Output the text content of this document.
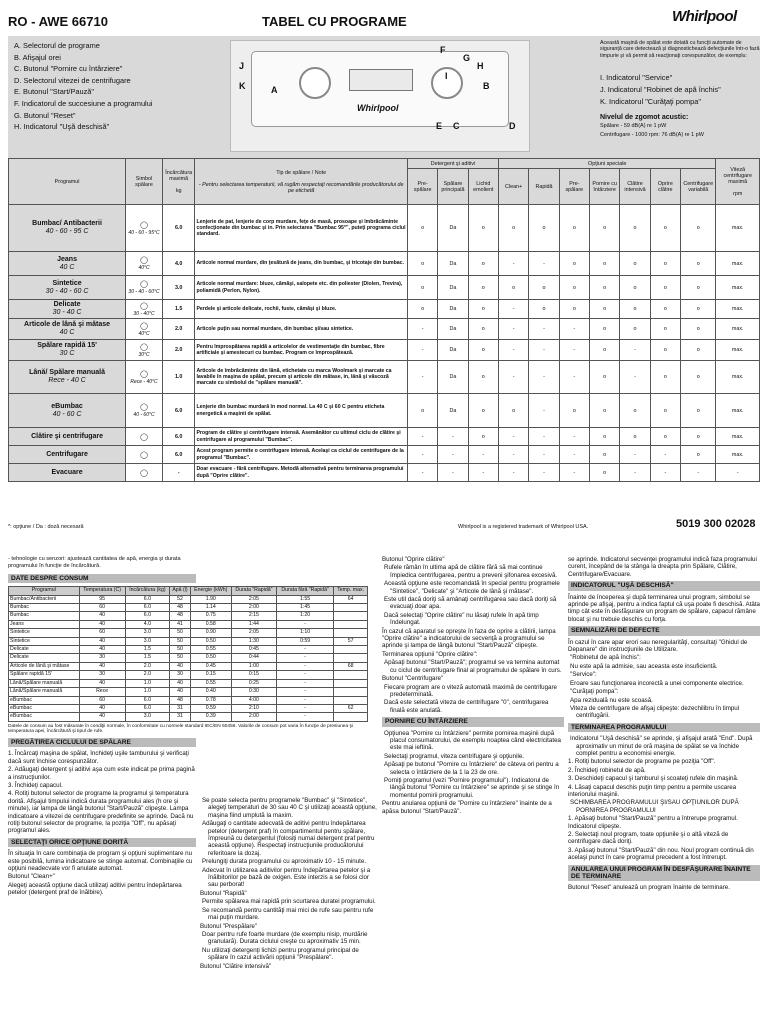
RO - AWE 66710	TABEL CU PROGRAME	Whirlpool
A. Selectorul de programe
B. Afişajul orei
C. Butonul "Pornire cu întârziere"
D. Selectorul vitezei de centrifugare
E. Butonul "Start/Pauză"
F. Indicatorul de succesiune a programului
G. Butonul "Reset"
H. Indicatorul "Uşă deschisă"
Whirlpool
F
G
H
J
K	A
I
B
E C	D
Această maşină de spălat este dotată cu funcţii automate de siguranţă care detectează şi diagnostichează defecţiunile într-o fază timpurie şi vă permit să reacţionaţi corespunzător, de exemplu:
I. Indicatorul "Service"
J. Indicatorul "Robinet de apă închis"
K. Indicatorul "Curăţaţi pompa"
Nivelul de zgomot acustic:
Spălare - 59 dB(A) re 1 pW
Centrifugare - 1000 rpm: 76 dB(A) re 1 pW
Programul	Simbol spălare	Încărcătura maximă

kg	Tip de spălare / Note

- Pentru selectarea temperaturii, vă rugăm respectaţi recomandările producătorului de pe etichetă	Detergent şi aditivi			Opţiuni speciale							Viteză centrifugare maximă

rpm
				Pre-spălare	Spălare principală	Lichid emolient	Clean+	Rapidă	Pre-spălare	Pornire cu întârziere	Clătire intensivă	Oprire clătire	Centrifugare variabilă	
Bumbac/ Antibacterii
40 - 60 - 95 C	◯
40 - 60 - 95°C	6.0	Lenjerie de pat, lenjerie de corp murdare, feţe de masă, prosoape şi îmbrăcăminte confecţionate din bumbac şi in. Prin selectarea "Bumbac 95°", puteţi programa ciclul standard.	o	Da	o	o	o	o	o	o	o	o	max.
Jeans
40 C	◯
40°C	4.0	Articole normal murdare, din ţesătură de jeans, din bumbac, şi tricotaje din bumbac.	o	Da	o	-	-	o	o	o	o	o	max.
Sintetice
30 - 40 - 60 C	◯
30 - 40 - 60°C	3.0	Articole normal murdare: bluze, cămăşi, salopete etc. din poliester (Diolen, Trevira), poliamidă (Perlon, Nylon).	o	Da	o	o	o	o	o	o	o	o	max.
Delicate
30 - 40 C	◯
30 - 40°C	1.5	Perdele şi articole delicate, rochii, fuste, cămăşi şi bluze.	o	Da	o	-	o	o	o	o	o	o	max.
Articole de lână şi mătase
40 C	◯
40°C	2.0	Articole puţin sau normal murdare, din bumbac şi/sau sintetice.	-	Da	o	-	-	-	o	o	o	o	max.
Spălare rapidă 15'
30 C	◯
30°C	2.0	Pentru împrospătarea rapidă a articolelor de vestimentaţie din bumbac, fibre artificiale şi amestecuri cu bumbac. Program ce împrospătează.	-	Da	o	-	-	-	o	-	o	o	max.
Lână/ Spălare manuală
Rece - 40 C	◯
Rece - 40°C	1.0	Articole de îmbrăcăminte din lână, etichetate cu marca Woolmark şi marcate ca lavabile în maşina de spălat, precum şi articole din mătase, in, lână şi vâscoză marcate cu simbolul de "spălare manuală".	-	Da	o	-	-	-	o	-	o	o	max.
eBumbac
40 - 60 C	◯
40 - 60°C	6.0	Lenjerie din bumbac murdară în mod normal. La 40 C şi 60 C pentru eticheta energetică a maşinii de spălat.	o	Da	o	o	-	o	o	o	o	o	max.
Clătire şi centrifugare	◯	6.0	Program de clătire şi centrifugare intensă. Asemănător cu ultimul ciclu de clătire şi centrifugare al programului "Bumbac".	-	-	o	-	-	-	o	o	o	o	max.
Centrifugare	◯	6.0	Acest program permite o centrifugare intensă. Acelaşi ca ciclul de centrifugare de la programul "Bumbac".	-	-	-	-	-	-	o	-	-	o	max.
Evacuare	◯	-	Doar evacuare - fără centrifugare. Metodă alternativă pentru terminarea programului după "Oprire clătire".	-	-	-	-	-	-	o	-	-	-	-
*: opţiune / Da : doză necesară	Whirlpool is a registered trademark of Whirlpool USA.	5019 300 02028

- tehnologie cu senzori: ajustează cantitatea de apă, energia şi durata programului în funcţie de încărcătură.

DATE DESPRE CONSUM
Programul	Temperatura (C)	Încărcătura (kg)	Apă (l)	Energie (kWh)	Durata "Rapidă"	Durata fără "Rapidă"	Temp. max.
Bumbac/Antibacterii	95	6.0	52	1.90	2:05	1:55	64
Bumbac	60	6.0	48	1.14	2:00	1:45	
Bumbac	40	6.0	48	0.75	2:15	1:20	
Jeans	40	4.0	41	0.58	1:44	-	
Sintetice	60	3.0	50	0.90	2:05	1:10	
Sintetice	40	3.0	50	0.50	1:30	0:59	57
Delicate	40	1.5	50	0.55	0:45	-	
Delicate	30	1.5	50	0.50	0:44	-	
Articole de lână şi mătase	40	2.0	40	0.45	1:00	-	68
Spălare rapidă 15'	30	2.0	30	0.15	0:15	-	
Lână/Spălare manuală	40	1.0	40	0.55	0:25	-	
Lână/Spălare manuală	Rece	1.0	40	0.40	0:30	-	
eBumbac	60	6.0	48	0.78	4:00	-	
eBumbac	40	6.0	31	0.59	2:10	-	62
eBumbac	40	3.0	31	0.39	2:00	-	

Datele de consum au fost măsurate în condiţii normale, în conformitate cu normele standard IEC/EN 60456. Valorile de consum pot varia în funcţie de presiunea şi temperatura apei, încărcătură şi tipul de rufe.

PREGĂTIREA CICLULUI DE SPĂLARE

1. Încărcaţi maşina de spălat, închideţi uşile tamburului şi verificaţi dacă sunt închise corespunzător.

2. Adăugaţi detergent şi aditivi aşa cum este indicat pe prima pagină a instrucţiunilor.

3. Închideţi capacul.

4. Rotiţi butonul selector de programe la programul şi temperatura dorită. Afişajul timpului indică durata programului ales (h ore şi minute), iar lampa de lângă butonul "Start/Pauză" clipeşte. Lampa indicatoare a vitezei de centrifugare predefinite se aprinde. Dacă nu rotiţi butonul selector de programe, la poziţia "Off", nu apăsaţi programul ales.

SELECTAŢI ORICE OPŢIUNE DORITĂ

În situaţia în care combinaţia de program şi opţiuni suplimentare nu este posibilă, lumina indicatoare se stinge automat. Combinaţiile cu opţiuni neadecvate vor fi anulate automat.

Butonul "Clean+"

Alegeţi această opţiune dacă utilizaţi aditivi pentru îndepărtarea petelor (detergent praf de înălbire).

Se poate selecta pentru programele "Bumbac" şi "Sintetice", alegeţi temperaturi de 30 sau 40 C şi utilizaţi această opţiune, maşina fiind umplută la maxim.

Adăugaţi o cantitate adecvată de aditivi pentru îndepărtarea petelor (detergent praf) în compartimentul pentru spălare, împreună cu detergentul (folosiţi numai detergent praf pentru această opţiune). Respectaţi instrucţiunile producătorului referitoare la dozaj.

Prelungiţi durata programului cu aproximativ 10 - 15 minute.

Adecvat în utilizarea aditivilor pentru îndepărtarea petelor şi a înălbitorilor pe bază de oxigen. Este interzis a se folosi clor sau perborat!

Butonul "Rapidă"

Permite spălarea mai rapidă prin scurtarea duratei programului.

Se recomandă pentru cantităţi mai mici de rufe sau pentru rufe mai puţin murdare.

Butonul "Prespălare"

Doar pentru rufe foarte murdare (de exemplu nisip, murdărie granulară). Durata ciclului creşte cu aproximativ 15 min.

Nu utilizaţi detergenţi lichizi pentru programul principal de spălare în cazul activării opţiunii "Prespălare".

Butonul "Clătire intensivă"

Butonul "Oprire clătire"

Rufele rămân în ultima apă de clătire fără să mai continue împiedica centrifugarea, pentru a preveni şifonarea excesivă.

Această opţiune este recomandată în special pentru programele "Sintetice", "Delicate" şi "Articole de lână şi mătase".

Este util dacă doriţi să amânaţi centrifugarea sau dacă doriţi să evacuaţi doar apa.

Dacă selectaţi "Oprire clătire" nu lăsaţi rufele în apă timp îndelungat.

În cazul că aparatul se opreşte în faza de oprire a clătirii, lampa "Oprire clătire" a indicatorului de secvenţă a programului se aprinde şi lampa de lângă butonul "Start/Pauză" clipeşte.

Terminarea opţiunii "Oprire clătire":

Apăsaţi butonul "Start/Pauză"; programul se va termina automat cu ciclul de centrifugare final al programului de spălare în curs.

Butonul "Centrifugare"

Fiecare program are o viteză automată maximă de centrifugare predeterminată.

Dacă este selectată viteza de centrifugare "0", centrifugarea finală este anulată.

PORNIRE CU ÎNTÂRZIERE

Opţiunea "Pornire cu întârziere" permite pornirea maşinii după placul consumatorului, de exemplu noaptea când electricitatea este mai ieftină.

Selectaţi programul, viteza centrifugare şi opţiunile.

Apăsaţi pe butonul "Pornire cu întârziere" de câteva ori pentru a selecta o întârziere de la 1 la 23 de ore.

Porniţi programul (vezi "Pornire programului"). Indicatorul de lângă butonul "Pornire cu întârziere" se aprinde şi se stinge în momentul pornirii programului.

Pentru anularea opţiunii de "Pornire cu întârziere" înainte de a apăsa butonul "Start/Pauză".

se aprinde. Indicatorul secvenţei programului indică faza programului curent, începând de la stânga la dreapta prin Spălare, Clătire, Centrifugare/Evacuare.

INDICATORUL "UŞĂ DESCHISĂ"

Înainte de începerea şi după terminarea unui program, simbolul se aprinde pe afişaj, pentru a indica faptul că uşa poate fi deschisă. Atâta timp cât este în desfăşurare un program de spălare, capacul rămâne blocat şi nu trebuie deschis cu forţa.

SEMNALIZĂRI DE DEFECTE

În cazul în care apar erori sau neregularităţi, consultaţi "Ghidul de Depanare" din instrucţiunile de Utilizare.

"Robinetul de apă închis":

Nu este apă la admisie, sau aceasta este insuficientă.

"Service":

Eroare sau funcţionarea incorectă a unei componente electrice.

"Curăţaţi pompa":

Apa reziduală nu este scoasă.

Viteza de centrifugare de afişaj clipeşte: dezechilibru în timpul centrifugării.

TERMINAREA PROGRAMULUI

Indicatorul "Uşă deschisă" se aprinde, şi afişajul arată "End". După aproximativ un minut de oră maşina de spălat se va închide complet pentru a economisi energie.

1. Rotiţi butonul selector de programe pe poziţia "Off".

2. Închideţi robinetul de apă.

3. Deschideţi capacul şi tamburul şi scoateţi rufele din maşină.

4. Lăsaţi capacul deschis puţin timp pentru a permite uscarea interiorului maşinii.

SCHIMBAREA PROGRAMULUI ŞI/SAU OPŢIUNILOR DUPĂ PORNIREA PROGRAMULUI

1. Apăsaţi butonul "Start/Pauză" pentru a întrerupe programul. Indicatorul clipeşte.

2. Selectaţi noul program, toate opţiunile şi o altă viteză de centrifugare dacă doriţi.

3. Apăsaţi butonul "Start/Pauză" din nou. Noul program continuă din acelaşi punct în care programul precedent a fost întrerupt.

ANULAREA UNUI PROGRAM ÎN DESFĂŞURARE ÎNAINTE DE TERMINARE

Butonul "Reset" anulează un program înainte de terminare.
